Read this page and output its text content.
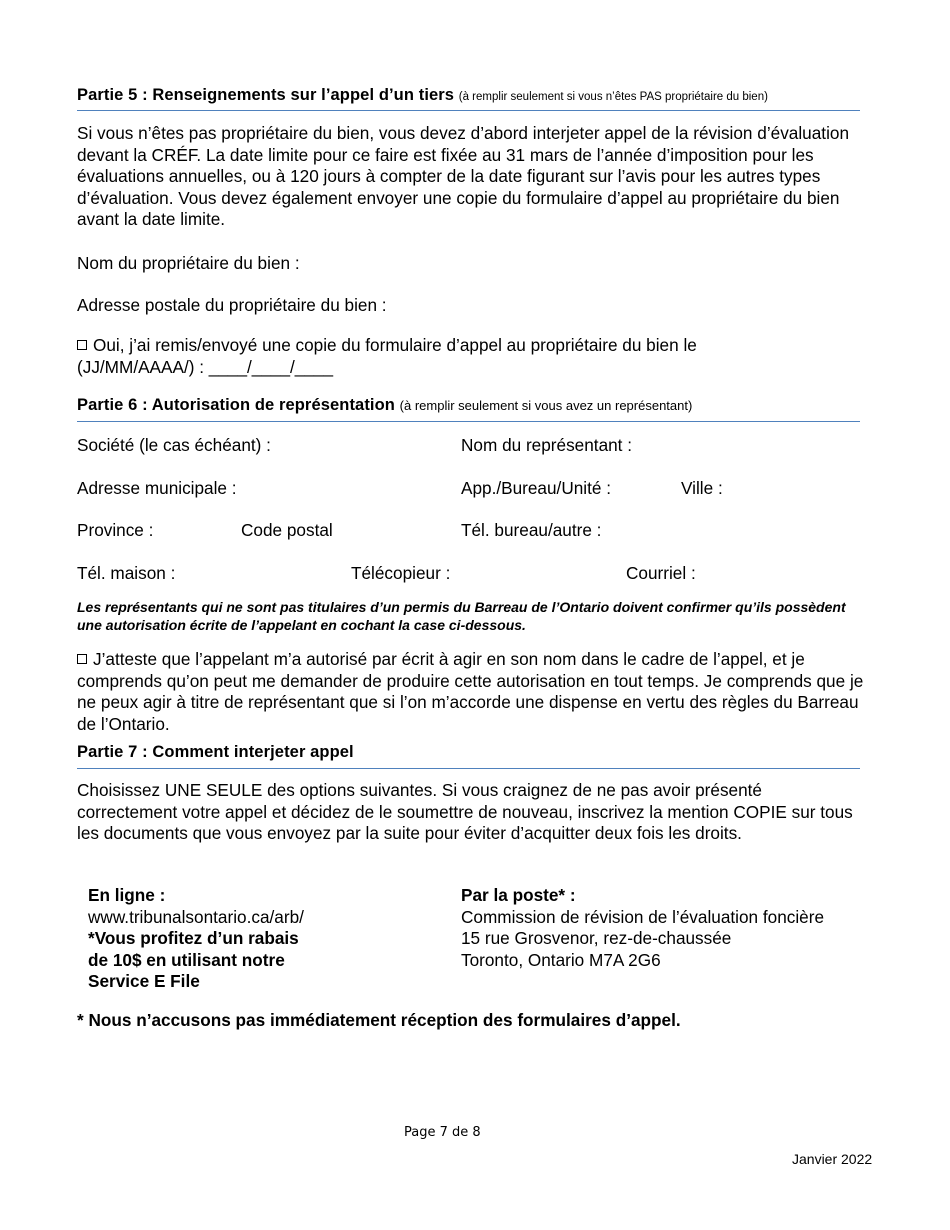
Partie 5 : Renseignements sur l’appel d’un tiers (à remplir seulement si vous n’êtes PAS propriétaire du bien)
Si vous n’êtes pas propriétaire du bien, vous devez d’abord interjeter appel de la révision d’évaluation devant la CRÉF. La date limite pour ce faire est fixée au 31 mars de l’année d’imposition pour les évaluations annuelles, ou à 120 jours à compter de la date figurant sur l’avis pour les autres types d’évaluation. Vous devez également envoyer une copie du formulaire d’appel au propriétaire du bien avant la date limite.
Nom du propriétaire du bien :
Adresse postale du propriétaire du bien :
Oui, j’ai remis/envoyé une copie du formulaire d’appel au propriétaire du bien le
(JJ/MM/AAAA/) : ____/____/____
Partie 6 : Autorisation de représentation (à remplir seulement si vous avez un représentant)
Société (le cas échéant) :	Nom du représentant :
Adresse municipale :	App./Bureau/Unité :	Ville :
Province :	Code postal	Tél. bureau/autre :
Tél. maison :	Télécopieur :	Courriel :
Les représentants qui ne sont pas titulaires d’un permis du Barreau de l’Ontario doivent confirmer qu’ils possèdent une autorisation écrite de l’appelant en cochant la case ci-dessous.
J’atteste que l’appelant m’a autorisé par écrit à agir en son nom dans le cadre de l’appel, et je comprends qu’on peut me demander de produire cette autorisation en tout temps. Je comprends que je ne peux agir à titre de représentant que si l’on m’accorde une dispense en vertu des règles du Barreau de l’Ontario.
Partie 7 : Comment interjeter appel
Choisissez UNE SEULE des options suivantes. Si vous craignez de ne pas avoir présenté correctement votre appel et décidez de le soumettre de nouveau, inscrivez la mention COPIE sur tous les documents que vous envoyez par la suite pour éviter d’acquitter deux fois les droits.
En ligne :
www.tribunalsontario.ca/arb/
*Vous profitez d’un rabais
de 10$ en utilisant notre
Service E File
Par la poste* :
Commission de révision de l’évaluation foncière
15 rue Grosvenor, rez-de-chaussée
Toronto, Ontario M7A 2G6
* Nous n’accusons pas immédiatement réception des formulaires d’appel.
Page 7 de 8
Janvier 2022
